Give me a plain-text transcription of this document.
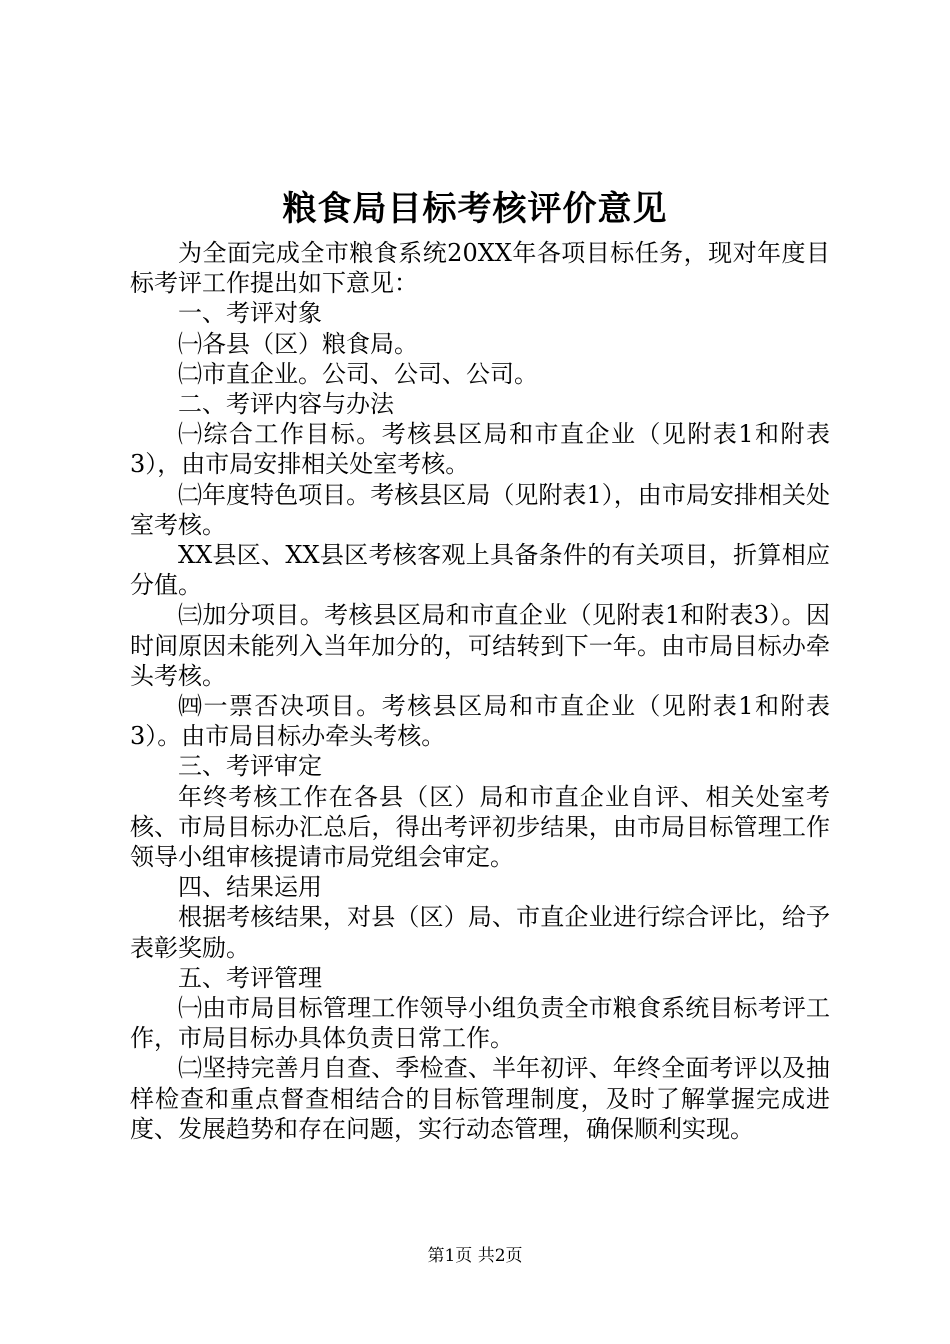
粮食局目标考核评价意见

为全面完成全市粮食系统20XX年各项目标任务，现对年度目标考评工作提出如下意见：

一、考评对象

㈠各县（区）粮食局。

㈡市直企业。公司、公司、公司。

二、考评内容与办法

㈠综合工作目标。考核县区局和市直企业（见附表1和附表3），由市局安排相关处室考核。

㈡年度特色项目。考核县区局（见附表1），由市局安排相关处室考核。

XX县区、XX县区考核客观上具备条件的有关项目，折算相应分值。

㈢加分项目。考核县区局和市直企业（见附表1和附表3）。因时间原因未能列入当年加分的，可结转到下一年。由市局目标办牵头考核。

㈣一票否决项目。考核县区局和市直企业（见附表1和附表3）。由市局目标办牵头考核。

三、考评审定

年终考核工作在各县（区）局和市直企业自评、相关处室考核、市局目标办汇总后，得出考评初步结果，由市局目标管理工作领导小组审核提请市局党组会审定。

四、结果运用

根据考核结果，对县（区）局、市直企业进行综合评比，给予表彰奖励。

五、考评管理

㈠由市局目标管理工作领导小组负责全市粮食系统目标考评工作，市局目标办具体负责日常工作。

㈡坚持完善月自查、季检查、半年初评、年终全面考评以及抽样检查和重点督查相结合的目标管理制度，及时了解掌握完成进度、发展趋势和存在问题，实行动态管理，确保顺利实现。

第1页 共2页
